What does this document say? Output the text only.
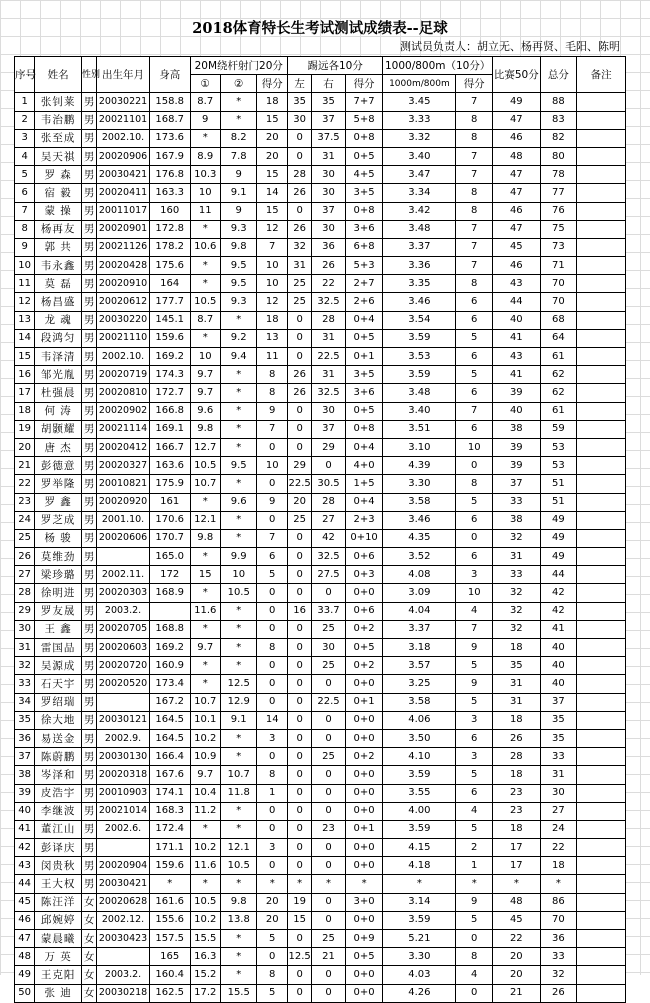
2018体育特长生考试测试成绩表--足球
测试员负责人：胡立无、杨再贤、毛阳、陈明
序号	姓名	性别	出生年月	身高	20M绕杆射门20分			踢远各10分			1000/800m（10分）		比赛50分	总分	备注
					①	②	得分	左	右	得分	1000m/800m	得分			

1	张钊莱	男	20030221	158.8	8.7	*	18	35	35	7+7	3.45	7	49	88	
2	韦治鹏	男	20021101	168.7	9	*	15	30	37	5+8	3.33	8	47	83	
3	张至成	男	2002.10.	173.6	*	8.2	20	0	37.5	0+8	3.32	8	46	82	
4	吴天祺	男	20020906	167.9	8.9	7.8	20	0	31	0+5	3.40	7	48	80	
5	罗 森	男	20030421	176.8	10.3	9	15	28	30	4+5	3.47	7	47	78	
6	宿 毅	男	20020411	163.3	10	9.1	14	26	30	3+5	3.34	8	47	77	
7	蒙 操	男	20011017	160	11	9	15	0	37	0+8	3.42	8	46	76	
8	杨再友	男	20020901	172.8	*	9.3	12	26	30	3+6	3.48	7	47	75	
9	郭 共	男	20021126	178.2	10.6	9.8	7	32	36	6+8	3.37	7	45	73	
10	韦永鑫	男	20020428	175.6	*	9.5	10	31	26	5+3	3.36	7	46	71	
11	莫 磊	男	20020910	164	*	9.5	10	25	22	2+7	3.35	8	43	70	
12	杨昌盛	男	20020612	177.7	10.5	9.3	12	25	32.5	2+6	3.46	6	44	70	
13	龙 魂	男	20030220	145.1	8.7	*	18	0	28	0+4	3.54	6	40	68	
14	段鸿匀	男	20021110	159.6	*	9.2	13	0	31	0+5	3.59	5	41	64	
15	韦泽清	男	2002.10.	169.2	10	9.4	11	0	22.5	0+1	3.53	6	43	61	
16	邹光胤	男	20020719	174.3	9.7	*	8	26	31	3+5	3.59	5	41	62	
17	杜强晨	男	20020810	172.7	9.7	*	8	26	32.5	3+6	3.48	6	39	62	
18	何 涛	男	20020902	166.8	9.6	*	9	0	30	0+5	3.40	7	40	61	
19	胡颢耀	男	20021114	169.1	9.8	*	7	0	37	0+8	3.51	6	38	59	
20	唐 杰	男	20020412	166.7	12.7	*	0	0	29	0+4	3.10	10	39	53	
21	彭德意	男	20020327	163.6	10.5	9.5	10	29	0	4+0	4.39	0	39	53	
22	罗举隆	男	20010821	175.9	10.7	*	0	22.5	30.5	1+5	3.30	8	37	51	
23	罗 鑫	男	20020920	161	*	9.6	9	20	28	0+4	3.58	5	33	51	
24	罗芝成	男	2001.10.	170.6	12.1	*	0	25	27	2+3	3.46	6	38	49	
25	杨 骏	男	20020606	170.7	9.8	*	7	0	42	0+10	4.35	0	32	49	
26	莫维劲	男		165.0	*	9.9	6	0	32.5	0+6	3.52	6	31	49	
27	梁珍璐	男	2002.11.	172	15	10	5	0	27.5	0+3	4.08	3	33	44	
28	徐明进	男	20020303	168.9	*	10.5	0	0	0	0+0	3.09	10	32	42	
29	罗友晟	男	2003.2.		11.6	*	0	16	33.7	0+6	4.04	4	32	42	
30	王 鑫	男	20020705	168.8	*	*	0	0	25	0+2	3.37	7	32	41	
31	雷国品	男	20020603	169.2	9.7	*	8	0	30	0+5	3.18	9	18	40	
32	吴源成	男	20020720	160.9	*	*	0	0	25	0+2	3.57	5	35	40	
33	石天宇	男	20020520	173.4	*	12.5	0	0	0	0+0	3.25	9	31	40	
34	罗绍瑞	男		167.2	10.7	12.9	0	0	22.5	0+1	3.58	5	31	37	
35	徐大地	男	20030121	164.5	10.1	9.1	14	0	0	0+0	4.06	3	18	35	
36	易送金	男	2002.9.	164.5	10.2	*	3	0	0	0+0	3.50	6	26	35	
37	陈蔚鹏	男	20030130	166.4	10.9	*	0	0	25	0+2	4.10	3	28	33	
38	岑泽和	男	20020318	167.6	9.7	10.7	8	0	0	0+0	3.59	5	18	31	
39	皮浩宇	男	20010903	174.1	10.4	11.8	1	0	0	0+0	3.55	6	23	30	
40	李继波	男	20021014	168.3	11.2	*	0	0	0	0+0	4.00	4	23	27	
41	董江山	男	2002.6.	172.4	*	*	0	0	23	0+1	3.59	5	18	24	
42	彭译庆	男		171.1	10.2	12.1	3	0	0	0+0	4.15	2	17	22	
43	闵贵秋	男	20020904	159.6	11.6	10.5	0	0	0	0+0	4.18	1	17	18	
44	王大权	男	20030421	*	*	*	*	*	*	*	*	*	*	*	
45	陈汪洋	女	20020628	161.6	10.5	9.8	20	19	0	3+0	3.14	9	48	86	
46	邱婉婷	女	2002.12.	155.6	10.2	13.8	20	15	0	0+0	3.59	5	45	70	
47	蒙晨曦	女	20030423	157.5	15.5	*	5	0	25	0+9	5.21	0	22	36	
48	万 英	女		165	16.3	*	0	12.5	21	0+5	3.30	8	20	33	
49	王克阳	女	2003.2.	160.4	15.2	*	8	0	0	0+0	4.03	4	20	32	
50	张 迪	女	20030218	162.5	17.2	15.5	5	0	0	0+0	4.26	0	21	26	
